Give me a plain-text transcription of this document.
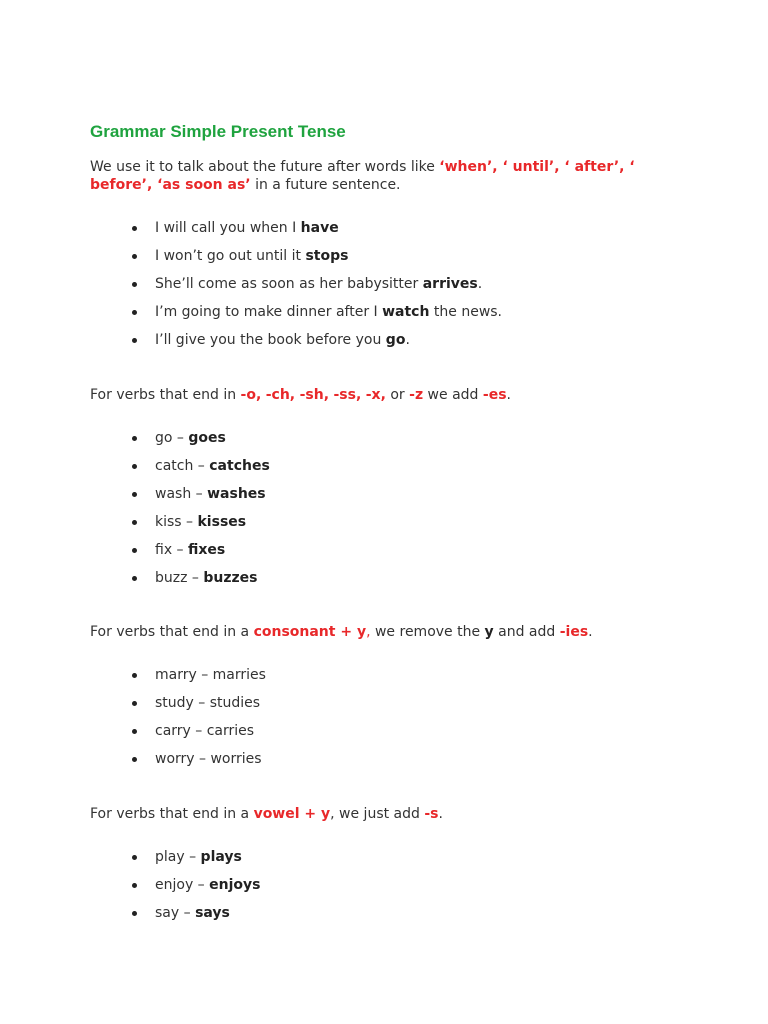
Grammar Simple Present Tense

We use it to talk about the future after words like ‘when’, ‘ until’, ‘ after’, ‘
before’, ‘as soon as’ in a future sentence.

I will call you when I have
I won’t go out until it stops
She’ll come as soon as her babysitter arrives.
I’m going to make dinner after I watch the news.
I’ll give you the book before you go.

For verbs that end in -o, -ch, -sh, -ss, -x, or -z we add -es.

go – goes
catch – catches
wash – washes
kiss – kisses
fix – fixes
buzz – buzzes

For verbs that end in a consonant + y, we remove the y and add -ies.

marry – marries
study – studies
carry – carries
worry – worries

For verbs that end in a vowel + y, we just add -s.

play – plays
enjoy – enjoys
say – says
